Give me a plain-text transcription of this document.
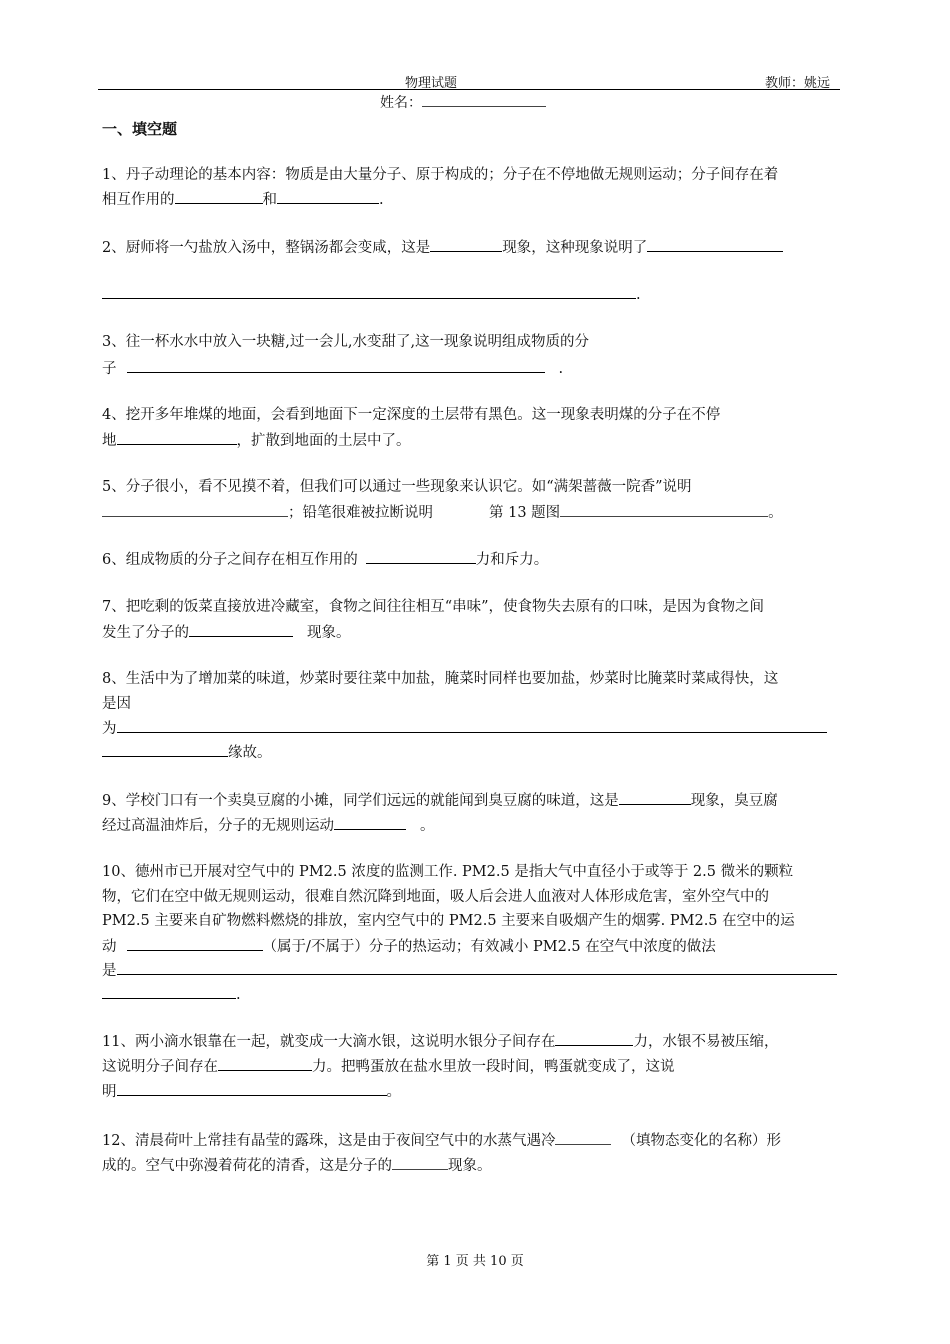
物理试题	教师：姚远
姓名：
一、填空题
1、丹子动理论的基本内容：物质是由大量分子、原于构成的；分子在不停地做无规则运动；分子间存在着
相互作用的	和	.
2、厨师将一勺盐放入汤中，整锅汤都会变咸，这是	现象，这种现象说明了
.
3、往一杯水水中放入一块糖,过一会儿,水变甜了,这一现象说明组成物质的分
子	.
4、挖开多年堆煤的地面，会看到地面下一定深度的土层带有黑色。这一现象表明煤的分子在不停
地	，扩散到地面的土层中了。
5、分子很小，看不见摸不着，但我们可以通过一些现象来认识它。如“满架蔷薇一院香”说明
；铅笔很难被拉断说明	第 13 题图	。
6、组成物质的分子之间存在相互作用的	力和斥力。
7、把吃剩的饭菜直接放进冷藏室，食物之间往往相互“串味”，使食物失去原有的口味，是因为食物之间
发生了分子的	现象。
8、生活中为了增加菜的味道，炒菜时要往菜中加盐，腌菜时同样也要加盐，炒菜时比腌菜时菜咸得快，这
是因
为
缘故。
9、学校门口有一个卖臭豆腐的小摊，同学们远远的就能闻到臭豆腐的味道，这是	现象，臭豆腐
经过高温油炸后，分子的无规则运动	。
10、德州市已开展对空气中的 PM2.5 浓度的监测工作. PM2.5 是指大气中直径小于或等于 2.5 微米的颗粒
物，它们在空中做无规则运动，很难自然沉降到地面，吸人后会进人血液对人体形成危害，室外空气中的
PM2.5 主要来自矿物燃料燃烧的排放，室内空气中的 PM2.5 主要来自吸烟产生的烟雾. PM2.5 在空中的运
动	（属于/不属于）分子的热运动；有效减小 PM2.5 在空气中浓度的做法
是
.
11、两小滴水银靠在一起，就变成一大滴水银，这说明水银分子间存在	力，水银不易被压缩，
这说明分子间存在	力。把鸭蛋放在盐水里放一段时间，鸭蛋就变成了，这说
明	。
12、清晨荷叶上常挂有晶莹的露珠，这是由于夜间空气中的水蒸气遇冷	（填物态变化的名称）形
成的。空气中弥漫着荷花的清香，这是分子的	现象。
第 1 页 共 10 页
